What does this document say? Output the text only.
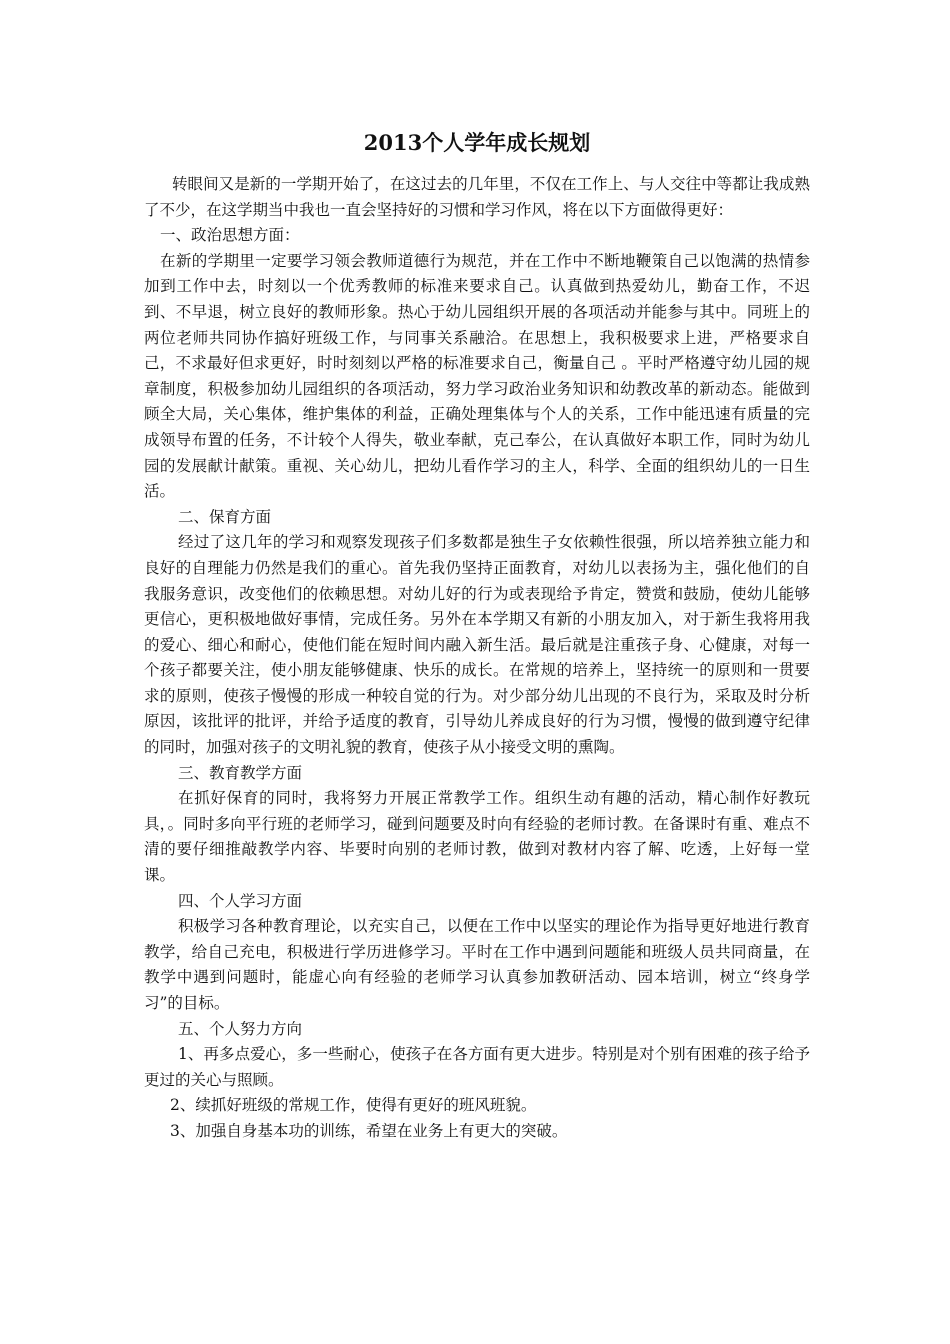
2013个人学年成长规划

转眼间又是新的一学期开始了，在这过去的几年里，不仅在工作上、与人交往中等都让我成熟了不少，在这学期当中我也一直会坚持好的习惯和学习作风，将在以下方面做得更好：

一、政治思想方面：

在新的学期里一定要学习领会教师道德行为规范，并在工作中不断地鞭策自己以饱满的热情参加到工作中去，时刻以一个优秀教师的标准来要求自己。认真做到热爱幼儿，勤奋工作，不迟到、不早退，树立良好的教师形象。热心于幼儿园组织开展的各项活动并能参与其中。同班上的两位老师共同协作搞好班级工作，与同事关系融洽。在思想上，我积极要求上进，严格要求自己，不求最好但求更好，时时刻刻以严格的标准要求自己，衡量自己 。平时严格遵守幼儿园的规章制度，积极参加幼儿园组织的各项活动，努力学习政治业务知识和幼教改革的新动态。能做到顾全大局，关心集体，维护集体的利益，正确处理集体与个人的关系，工作中能迅速有质量的完成领导布置的任务，不计较个人得失，敬业奉献，克己奉公，在认真做好本职工作，同时为幼儿园的发展献计献策。重视、关心幼儿，把幼儿看作学习的主人，科学、全面的组织幼儿的一日生活。

二、保育方面

经过了这几年的学习和观察发现孩子们多数都是独生子女依赖性很强，所以培养独立能力和良好的自理能力仍然是我们的重心。首先我仍坚持正面教育，对幼儿以表扬为主，强化他们的自我服务意识，改变他们的依赖思想。对幼儿好的行为或表现给予肯定，赞赏和鼓励，使幼儿能够更信心，更积极地做好事情，完成任务。另外在本学期又有新的小朋友加入，对于新生我将用我的爱心、细心和耐心，使他们能在短时间内融入新生活。最后就是注重孩子身、心健康，对每一个孩子都要关注，使小朋友能够健康、快乐的成长。在常规的培养上，坚持统一的原则和一贯要求的原则，使孩子慢慢的形成一种较自觉的行为。对少部分幼儿出现的不良行为，采取及时分析原因，该批评的批评，并给予适度的教育，引导幼儿养成良好的行为习惯，慢慢的做到遵守纪律的同时，加强对孩子的文明礼貌的教育，使孩子从小接受文明的熏陶。

三、教育教学方面

在抓好保育的同时，我将努力开展正常教学工作。组织生动有趣的活动，精心制作好教玩具，。同时多向平行班的老师学习，碰到问题要及时向有经验的老师讨教。在备课时有重、难点不清的要仔细推敲教学内容、毕要时向别的老师讨教，做到对教材内容了解、吃透，上好每一堂课。

四、个人学习方面

积极学习各种教育理论，以充实自己，以便在工作中以坚实的理论作为指导更好地进行教育教学，给自己充电，积极进行学历进修学习。平时在工作中遇到问题能和班级人员共同商量，在教学中遇到问题时，能虚心向有经验的老师学习认真参加教研活动、园本培训，树立“终身学习”的目标。

五、个人努力方向

1、再多点爱心，多一些耐心，使孩子在各方面有更大进步。特别是对个别有困难的孩子给予更过的关心与照顾。

2、续抓好班级的常规工作，使得有更好的班风班貌。

3、加强自身基本功的训练，希望在业务上有更大的突破。
